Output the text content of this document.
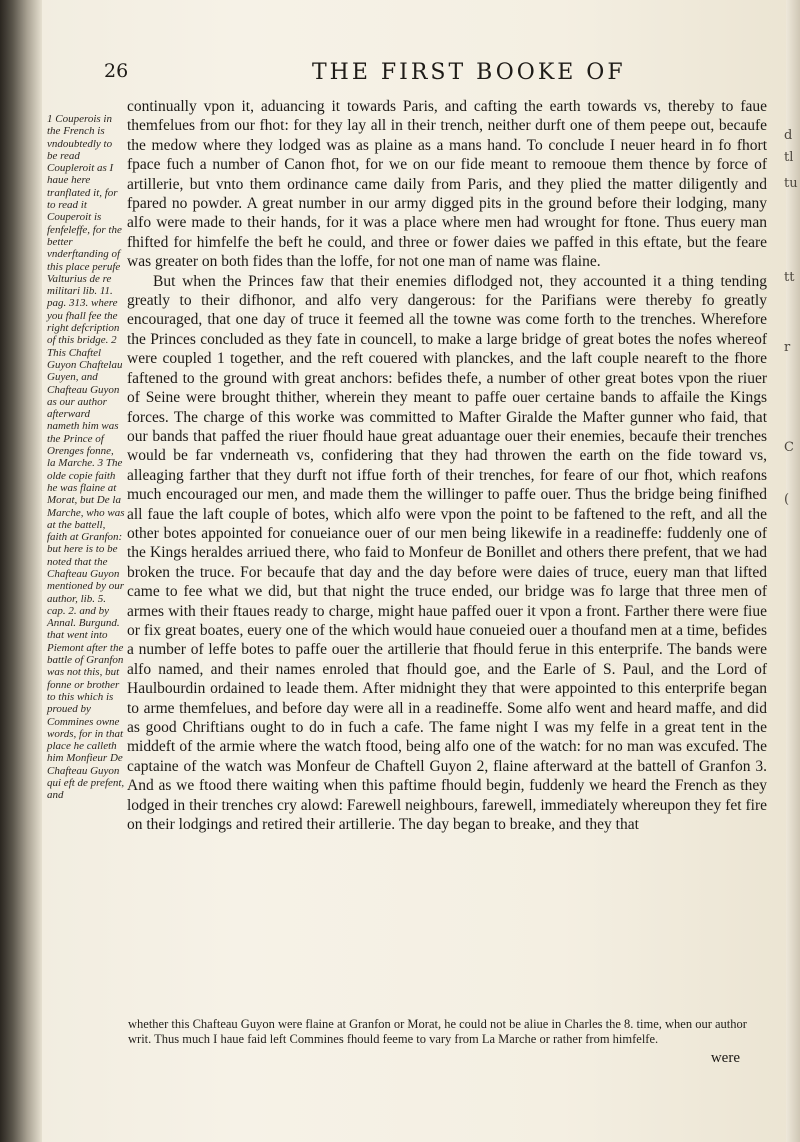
d
tl
tu
tt
r
C
(
26	THE FIRST BOOKE OF
1 Couperois in the French is vndoubtedly to be read Coupleroit as I haue here tranflated it, for to read it Couperoit is fenfeleffe, for the better vnderftanding of this place perufe Valturius de re militari lib. 11. pag. 313. where you fhall fee the right defcription of this bridge. 2 This Chaftel Guyon Chaftelau Guyen, and Chafteau Guyon as our author afterward nameth him was the Prince of Orenges fonne, la Marche. 3 The olde copie faith he was flaine at Morat, but De la Marche, who was at the battell, faith at Granfon: but here is to be noted that the Chafteau Guyon mentioned by our author, lib. 5. cap. 2. and by Annal. Burgund. that went into Piemont after the battle of Granfon was not this, but fonne or brother to this which is proued by Commines owne words, for in that place he calleth him Monfieur De Chafteau Guyon qui eft de prefent, and

continually vpon it, aduancing it towards Paris, and cafting the earth towards vs, thereby to faue themfelues from our fhot: for they lay all in their trench, neither durft one of them peepe out, becaufe the medow where they lodged was as plaine as a mans hand. To conclude I neuer heard in fo fhort fpace fuch a number of Canon fhot, for we on our fide meant to remooue them thence by force of artillerie, but vnto them ordinance came daily from Paris, and they plied the matter diligently and fpared no powder. A great number in our army digged pits in the ground before their lodging, many alfo were made to their hands, for it was a place where men had wrought for ftone. Thus euery man fhifted for himfelfe the beft he could, and three or fower daies we paffed in this eftate, but the feare was greater on both fides than the loffe, for not one man of name was flaine.

But when the Princes faw that their enemies diflodged not, they accounted it a thing tending greatly to their difhonor, and alfo very dangerous: for the Parifians were thereby fo greatly encouraged, that one day of truce it feemed all the towne was come forth to the trenches. Wherefore the Princes concluded as they fate in councell, to make a large bridge of great botes the nofes whereof were coupled 1 together, and the reft couered with planckes, and the laft couple neareft to the fhore faftened to the ground with great anchors: befides thefe, a number of other great botes vpon the riuer of Seine were brought thither, wherein they meant to paffe ouer certaine bands to affaile the Kings forces. The charge of this worke was committed to Mafter Giralde the Mafter gunner who faid, that our bands that paffed the riuer fhould haue great aduantage ouer their enemies, becaufe their trenches would be far vnderneath vs, confidering that they had throwen the earth on the fide toward vs, alleaging farther that they durft not iffue forth of their trenches, for feare of our fhot, which reafons much encouraged our men, and made them the willinger to paffe ouer. Thus the bridge being finifhed all faue the laft couple of botes, which alfo were vpon the point to be faftened to the reft, and all the other botes appointed for conueiance ouer of our men being likewife in a readineffe: fuddenly one of the Kings heraldes arriued there, who faid to Monfeur de Bonillet and others there prefent, that we had broken the truce. For becaufe that day and the day before were daies of truce, euery man that lifted came to fee what we did, but that night the truce ended, our bridge was fo large that three men of armes with their ftaues ready to charge, might haue paffed ouer it vpon a front. Farther there were fiue or fix great boates, euery one of the which would haue conueied ouer a thoufand men at a time, befides a number of leffe botes to paffe ouer the artillerie that fhould ferue in this enterprife. The bands were alfo named, and their names enroled that fhould goe, and the Earle of S. Paul, and the Lord of Haulbourdin ordained to leade them. After midnight they that were appointed to this enterprife began to arme themfelues, and before day were all in a readineffe. Some alfo went and heard maffe, and did as good Chriftians ought to do in fuch a cafe. The fame night I was my felfe in a great tent in the middeft of the armie where the watch ftood, being alfo one of the watch: for no man was excufed. The captaine of the watch was Monfeur de Chaftell Guyon 2, flaine afterward at the battell of Granfon 3. And as we ftood there waiting when this paftime fhould begin, fuddenly we heard the French as they lodged in their trenches cry alowd: Farewell neighbours, farewell, immediately whereupon they fet fire on their lodgings and retired their artillerie. The day began to breake, and they that

whether this Chafteau Guyon were flaine at Granfon or Morat, he could not be aliue in Charles the 8. time, when our author writ. Thus much I haue faid left Commines fhould feeme to vary from La Marche or rather from himfelfe.
were
